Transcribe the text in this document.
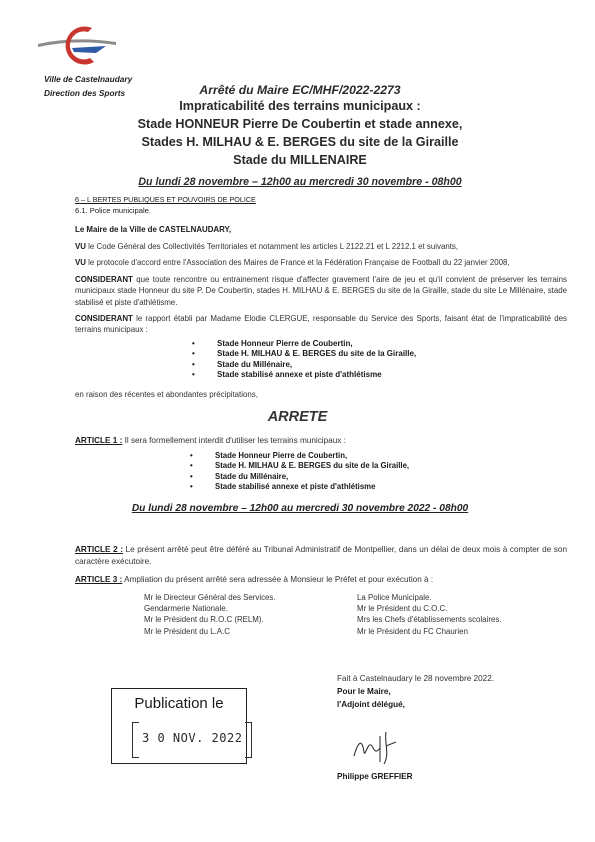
Ville de Castelnaudary
Direction des Sports	Arrêté du Maire EC/MHF/2022-2273
Impraticabilité des terrains municipaux :
Stade HONNEUR Pierre De Coubertin et stade annexe,
Stades H. MILHAU & E. BERGES du site de la Giraille
Stade du MILLENAIRE
Du lundi 28 novembre – 12h00 au mercredi 30 novembre - 08h00
6 – L BERTES PUBLIQUES ET POUVOIRS DE POLICE
6.1. Police municipale.
Le Maire de la Ville de CASTELNAUDARY,
VU le Code Général des Collectivités Territoriales et notamment les articles L 2122.21 et L 2212.1 et suivants,
VU le protocole d'accord entre l'Association des Maires de France et la Fédération Française de Football du 22 janvier 2008,
CONSIDERANT que toute rencontre ou entrainement risque d'affecter gravement l'aire de jeu et qu'il convient de préserver les terrains municipaux stade Honneur du site P. De Coubertin, stades H. MILHAU & E. BERGES du site de la Giraille, stade du site Le Millénaire, stade stabilisé et piste d'athlétisme.
CONSIDERANT le rapport établi par Madame Elodie CLERGUE, responsable du Service des Sports, faisant état de l'impraticabilité des terrains municipaux :
• Stade Honneur Pierre de Coubertin,
• Stade H. MILHAU & E. BERGES du site de la Giraille,
• Stade du Millénaire,
• Stade stabilisé annexe et piste d'athlétisme
en raison des récentes et abondantes précipitations,
ARRETE
ARTICLE 1 : Il sera formellement interdit d'utiliser les terrains municipaux :
• Stade Honneur Pierre de Coubertin,
• Stade H. MILHAU & E. BERGES du site de la Giraille,
• Stade du Millénaire,
• Stade stabilisé annexe et piste d'athlétisme
Du lundi 28 novembre – 12h00 au mercredi 30 novembre 2022 - 08h00
ARTICLE 2 : Le présent arrêté peut être déféré au Tribunal Administratif de Montpellier, dans un délai de deux mois à compter de son caractère exécutoire.
ARTICLE 3 : Ampliation du présent arrêté sera adressée à Monsieur le Préfet et pour exécution à :
Mr le Directeur Général des Services.
Gendarmerie Nationale.
Mr le Président du R.O.C (RELM).
Mr le Président du L.A.C
La Police Municipale.
Mr le Président du C.O.C.
Mrs les Chefs d'établissements scolaires.
Mr le Président du FC Chaurien
Fait à Castelnaudary le 28 novembre 2022.
Pour le Maire,
l'Adjoint délégué,
Philippe GREFFIER
Publication le
3 0 NOV. 2022
